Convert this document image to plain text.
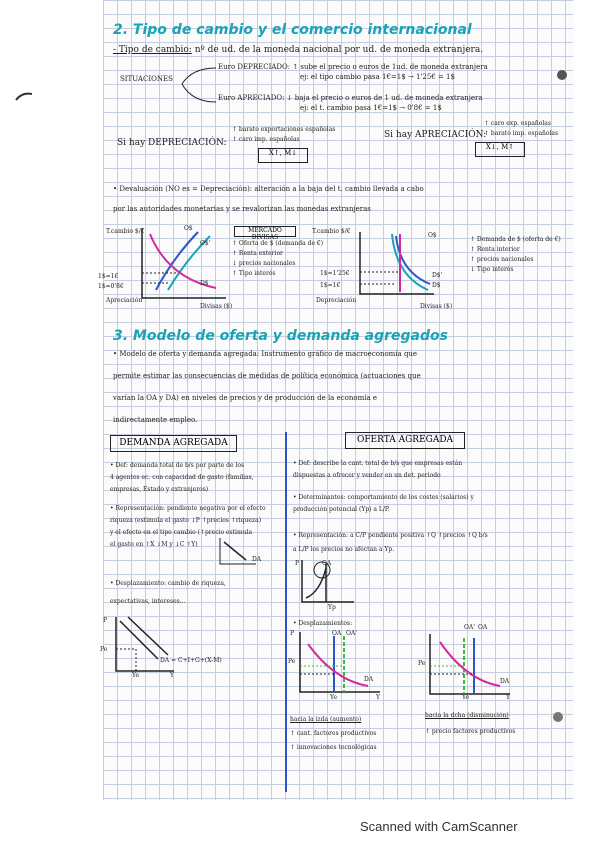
2. Tipo de cambio y el comercio internacional
- Tipo de cambio: nº de ud. de la moneda nacional por ud. de moneda extranjera.
SITUACIONES
Euro DEPRECIADO: ↑ sube el precio o euros de 1ud. de moneda extranjera
ej: el tipo cambio pasa 1€=1$ → 1'25€ = 1$
Euro APRECIADO: ↓ baja el precio o euros de 1 ud. de moneda extranjera
ej: el t. cambio pasa 1€=1$ → 0'8€ = 1$
Si hay DEPRECIACIÓN:
↑ barato exportaciones españolas
↑ caro imp. españolas
X↑, M↓
Si hay APRECIACIÓN:
↑ caro exp. españolas
↑ barato imp. españolas
X↓, M↑
• Devaluación (NO es = Depreciación): alteración a la baja del t. cambio llevada a cabo
por las autoridades monetarias y se revalorizan las monedas extranjeras
T.cambio $/€
1$=1€
1$=0'8€
O$
O$'
D$
Apreciación
Divisas ($)
MERCADO DIVISAS
↑ Oferta de $ (demanda de €)
↑ Renta exterior
↓ precios nacionales
↑ Tipo interés
T.cambio $/€
1$=1'25€
1$=1€
O$
D$'
D$
Depreciación
Divisas ($)
↑ Demanda de $ (oferta de €)
↑ Renta interior
↑ precios nacionales
↓ Tipo interés
3. Modelo de oferta y demanda agregados
• Modelo de oferta y demanda agregada: Instrumento gráfico de macroeconomía que
permite estimar las consecuencias de medidas de política económica (actuaciones que
varían la OA y DA) en niveles de precios y de producción de la economía e
indirectamente empleo.
DEMANDA AGREGADA	OFERTA AGREGADA
• Def: demanda total de b/s por parte de los
4 agentes ec. con capacidad de gasto (familias,
empresas, Estado y extranjeros)
• Representación: pendiente negativa por el efecto
riqueza (estimula el gasto ↓P ↑precios ↑riqueza)
y el efecto en el tipo cambio (↑precio estimula
el gasto en ↑X ↓M y ↓C ↑Y)
DA
• Desplazamiento: cambio de riqueza,
expectativas, intereses...
P
Pe
Ye	Y
DA = C+I+G+(X-M)
• Def: describe la cant. total de b/s que empresas están
dispuestas a ofrecer y vender en un det. período
• Determinantes: comportamiento de los costes (salarios) y
producción potencial (Yp) a L/P.
• Representación: a C/P pendiente positiva ↑Q ↑precios ↑Q b/s
a L/P los precios no afectan a Yp.
P
Yp
OA
• Desplazamientos:
OA OA'
DA
Pe
Ye	Y
P
OA' OA
DA
Pe
Ye	Y
hacia la izda (aumento)
↑ cant. factores productivos
↑ innovaciones tecnológicas
hacia la dcha (disminución)
↑ precio factores productivos
Scanned with CamScanner
